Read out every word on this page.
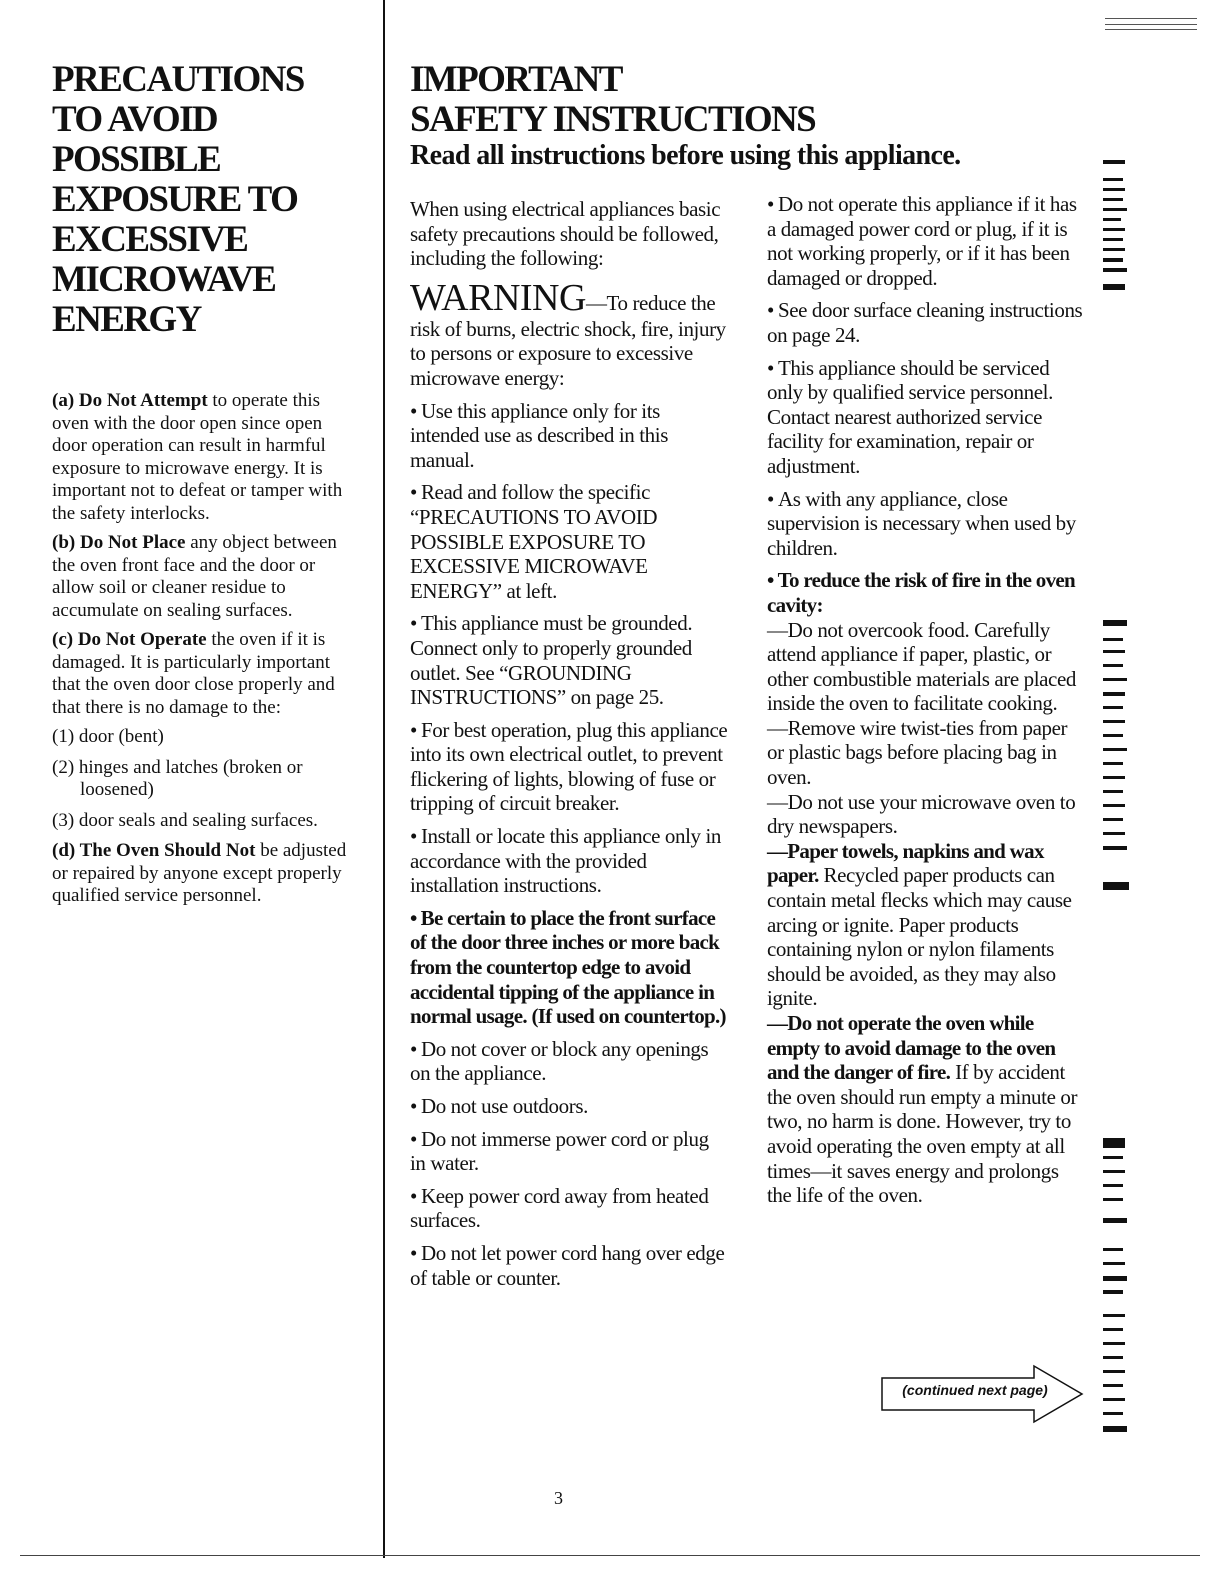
PRECAUTIONS
TO AVOID
POSSIBLE
EXPOSURE TO
EXCESSIVE
MICROWAVE
ENERGY

(a) Do Not Attempt to operate this oven with the door open since open door operation can result in harmful exposure to microwave energy. It is important not to defeat or tamper with the safety interlocks.

(b) Do Not Place any object between the oven front face and the door or allow soil or cleaner residue to accumulate on sealing surfaces.

(c) Do Not Operate the oven if it is damaged. It is particularly important that the oven door close properly and that there is no damage to the:

(1) door (bent)

(2) hinges and latches (broken or loosened)

(3) door seals and sealing surfaces.

(d) The Oven Should Not be adjusted or repaired by anyone except properly qualified service personnel.

IMPORTANT
SAFETY INSTRUCTIONS
Read all instructions before using this appliance.

When using electrical appliances basic safety precautions should be followed, including the following:

WARNING—To reduce the risk of burns, electric shock, fire, injury to persons or exposure to excessive microwave energy:

• Use this appliance only for its intended use as described in this manual.

• Read and follow the specific “PRECAUTIONS TO AVOID POSSIBLE EXPOSURE TO EXCESSIVE MICROWAVE ENERGY” at left.

• This appliance must be grounded. Connect only to properly grounded outlet. See “GROUNDING INSTRUCTIONS” on page 25.

• For best operation, plug this appliance into its own electrical outlet, to prevent flickering of lights, blowing of fuse or tripping of circuit breaker.

• Install or locate this appliance only in accordance with the provided installation instructions.

• Be certain to place the front surface of the door three inches or more back from the countertop edge to avoid accidental tipping of the appliance in normal usage. (If used on countertop.)

• Do not cover or block any openings on the appliance.

• Do not use outdoors.

• Do not immerse power cord or plug in water.

• Keep power cord away from heated surfaces.

• Do not let power cord hang over edge of table or counter.

• Do not operate this appliance if it has a damaged power cord or plug, if it is not working properly, or if it has been damaged or dropped.

• See door surface cleaning instructions on page 24.

• This appliance should be serviced only by qualified service personnel. Contact nearest authorized service facility for examination, repair or adjustment.

• As with any appliance, close supervision is necessary when used by children.

• To reduce the risk of fire in the oven cavity:

—Do not overcook food. Carefully attend appliance if paper, plastic, or other combustible materials are placed inside the oven to facilitate cooking.

—Remove wire twist-ties from paper or plastic bags before placing bag in oven.

—Do not use your microwave oven to dry newspapers.

—Paper towels, napkins and wax paper. Recycled paper products can contain metal flecks which may cause arcing or ignite. Paper products containing nylon or nylon filaments should be avoided, as they may also ignite.

—Do not operate the oven while empty to avoid damage to the oven and the danger of fire. If by accident the oven should run empty a minute or two, no harm is done. However, try to avoid operating the oven empty at all times—it saves energy and prolongs the life of the oven.

(continued next page)
3
